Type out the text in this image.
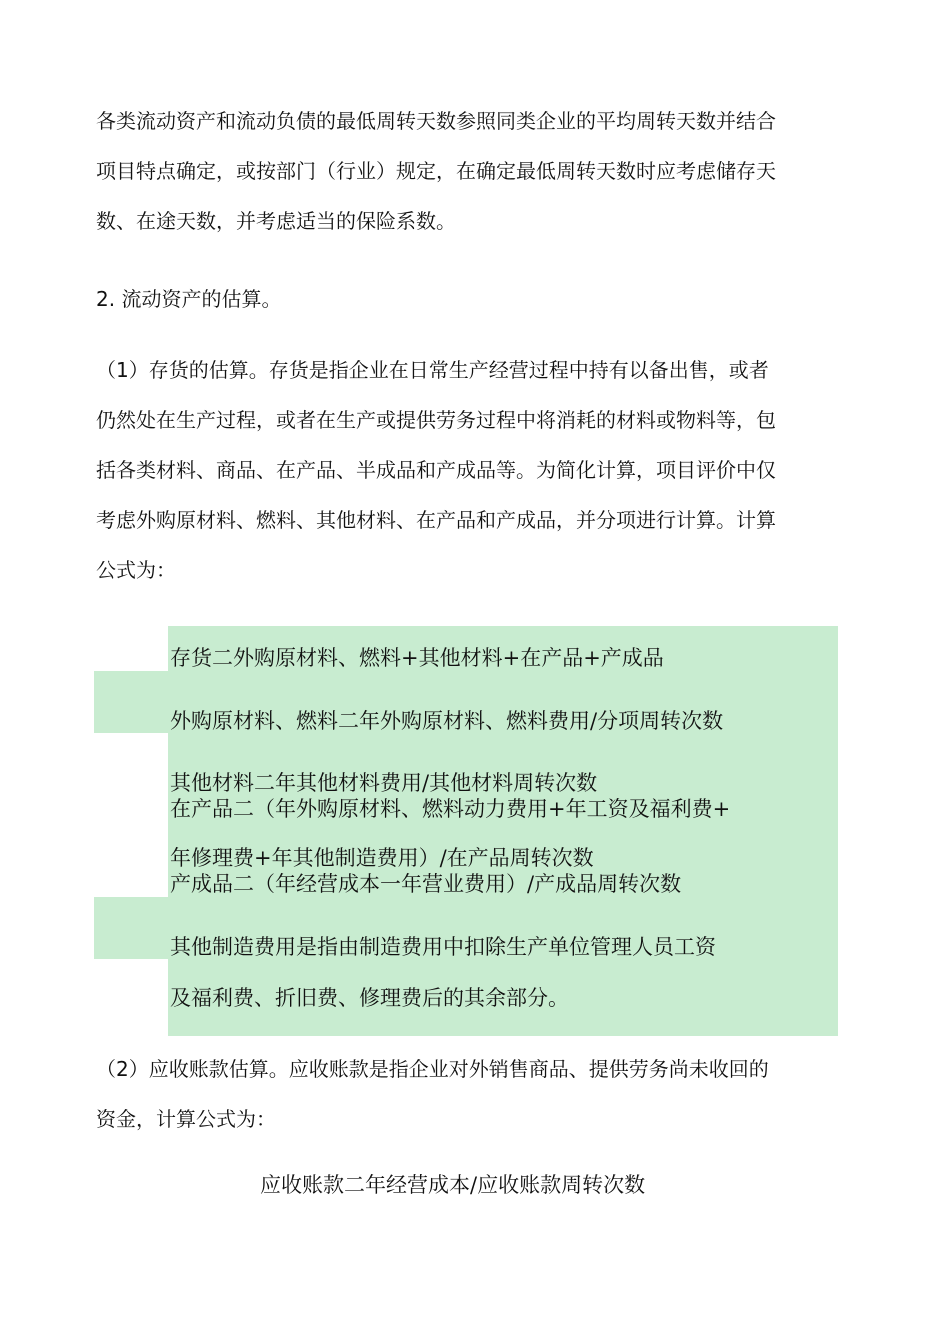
各类流动资产和流动负债的最低周转天数参照同类企业的平均周转天数并结合
项目特点确定，或按部门（行业）规定，在确定最低周转天数时应考虑储存天
数、在途天数，并考虑适当的保险系数。
2. 流动资产的估算。
（1）存货的估算。存货是指企业在日常生产经营过程中持有以备出售，或者
仍然处在生产过程，或者在生产或提供劳务过程中将消耗的材料或物料等，包
括各类材料、商品、在产品、半成品和产成品等。为简化计算，项目评价中仅
考虑外购原材料、燃料、其他材料、在产品和产成品，并分项进行计算。计算
公式为：
存货二外购原材料、燃料+其他材料+在产品+产成品
外购原材料、燃料二年外购原材料、燃料费用/分项周转次数
其他材料二年其他材料费用/其他材料周转次数
在产品二（年外购原材料、燃料动力费用+年工资及福利费+
年修理费+年其他制造费用）/在产品周转次数
产成品二（年经营成本一年营业费用）/产成品周转次数
其他制造费用是指由制造费用中扣除生产单位管理人员工资
及福利费、折旧费、修理费后的其余部分。
（2）应收账款估算。应收账款是指企业对外销售商品、提供劳务尚未收回的
资金，计算公式为：
应收账款二年经营成本/应收账款周转次数
